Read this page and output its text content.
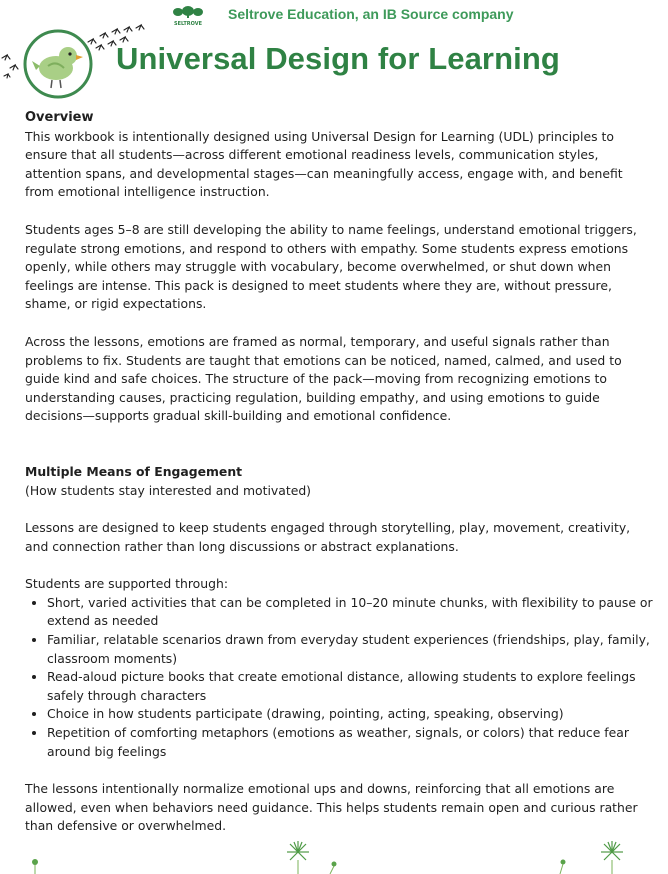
SELTROVE
Seltrove Education, an IB Source company
Universal Design for Learning

Overview

This workbook is intentionally designed using Universal Design for Learning (UDL) principles to ensure that all students—across different emotional readiness levels, communication styles, attention spans, and developmental stages—can meaningfully access, engage with, and benefit from emotional intelligence instruction.

Students ages 5–8 are still developing the ability to name feelings, understand emotional triggers, regulate strong emotions, and respond to others with empathy. Some students express emotions openly, while others may struggle with vocabulary, become overwhelmed, or shut down when feelings are intense. This pack is designed to meet students where they are, without pressure, shame, or rigid expectations.

Across the lessons, emotions are framed as normal, temporary, and useful signals rather than problems to fix. Students are taught that emotions can be noticed, named, calmed, and used to guide kind and safe choices. The structure of the pack—moving from recognizing emotions to understanding causes, practicing regulation, building empathy, and using emotions to guide decisions—supports gradual skill-building and emotional confidence.

Multiple Means of Engagement

(How students stay interested and motivated)

Lessons are designed to keep students engaged through storytelling, play, movement, creativity, and connection rather than long discussions or abstract explanations.

Students are supported through:

• Short, varied activities that can be completed in 10–20 minute chunks, with flexibility to pause or extend as needed
• Familiar, relatable scenarios drawn from everyday student experiences (friendships, play, family, classroom moments)
• Read-aloud picture books that create emotional distance, allowing students to explore feelings safely through characters
• Choice in how students participate (drawing, pointing, acting, speaking, observing)
• Repetition of comforting metaphors (emotions as weather, signals, or colors) that reduce fear around big feelings

The lessons intentionally normalize emotional ups and downs, reinforcing that all emotions are allowed, even when behaviors need guidance. This helps students remain open and curious rather than defensive or overwhelmed.
